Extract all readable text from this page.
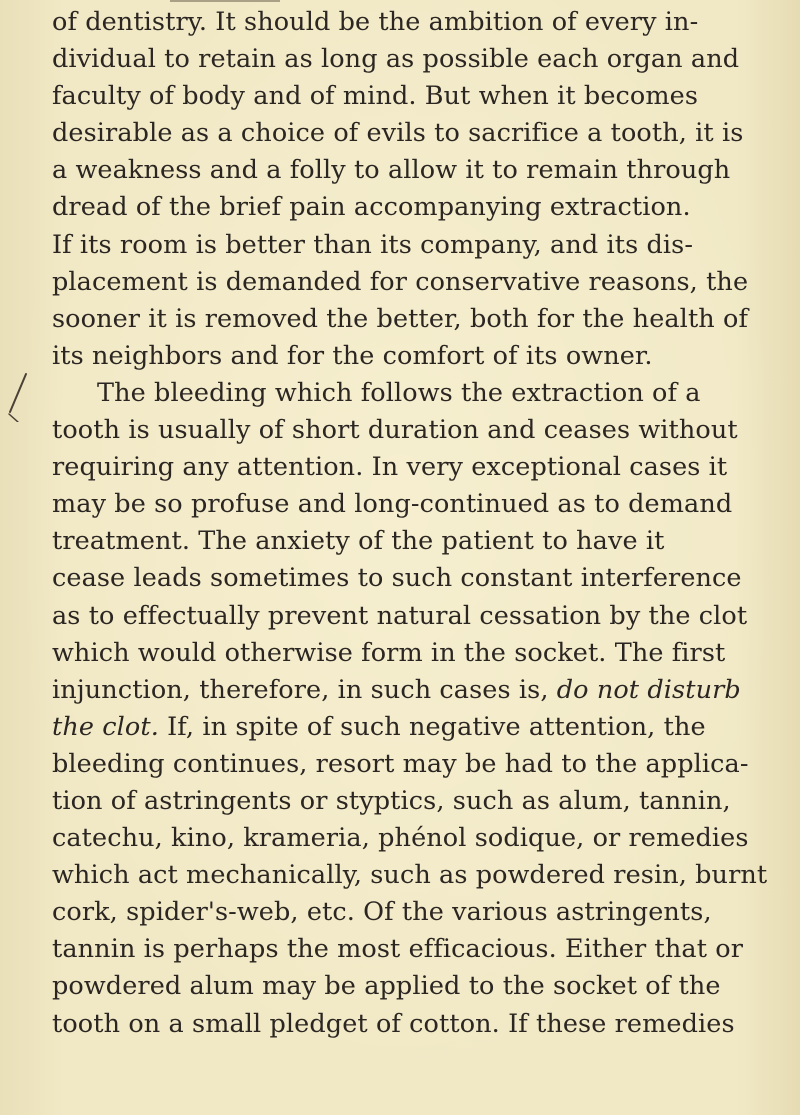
of dentistry. It should be the ambition of every in-
dividual to retain as long as possible each organ and
faculty of body and of mind. But when it becomes
desirable as a choice of evils to sacrifice a tooth, it is
a weakness and a folly to allow it to remain through
dread of the brief pain accompanying extraction.
If its room is better than its company, and its dis-
placement is demanded for conservative reasons, the
sooner it is removed the better, both for the health of
its neighbors and for the comfort of its owner.
The bleeding which follows the extraction of a
tooth is usually of short duration and ceases without
requiring any attention. In very exceptional cases it
may be so profuse and long-continued as to demand
treatment. The anxiety of the patient to have it
cease leads sometimes to such constant interference
as to effectually prevent natural cessation by the clot
which would otherwise form in the socket. The first
injunction, therefore, in such cases is, do not disturb
the clot. If, in spite of such negative attention, the
bleeding continues, resort may be had to the applica-
tion of astringents or styptics, such as alum, tannin,
catechu, kino, krameria, phénol sodique, or remedies
which act mechanically, such as powdered resin, burnt
cork, spider's-web, etc. Of the various astringents,
tannin is perhaps the most efficacious. Either that or
powdered alum may be applied to the socket of the
tooth on a small pledget of cotton. If these remedies
